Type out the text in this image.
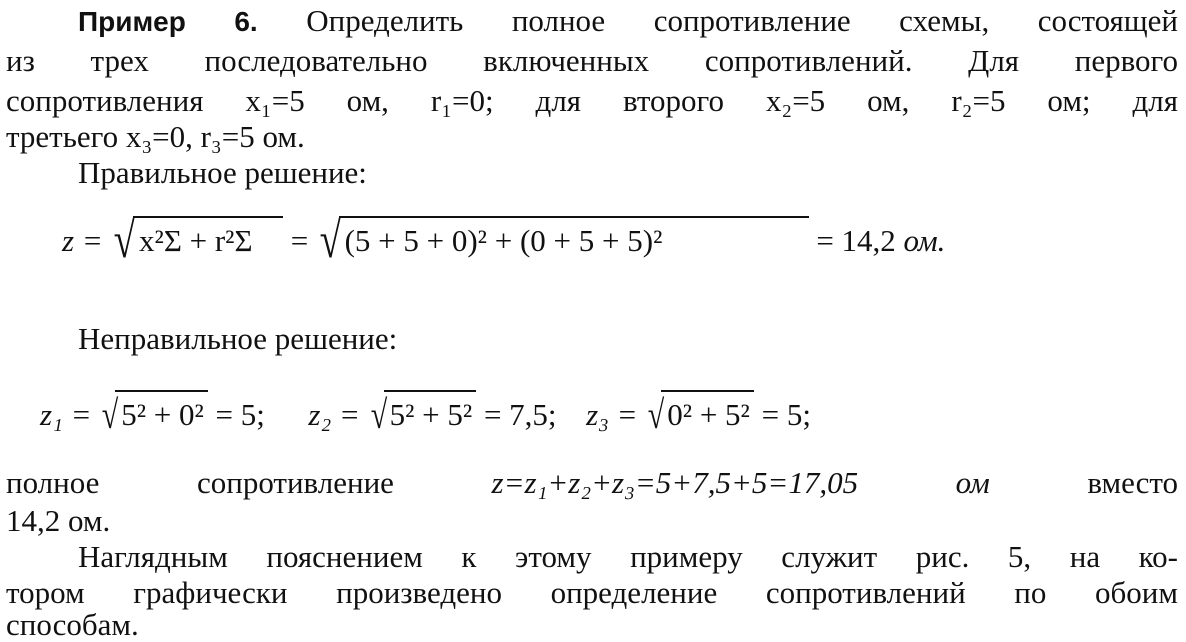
Пример 6. Определить полное сопротивление схемы, состоящей
из трех последовательно включенных сопротивлений. Для первого
сопротивления x₁=5 ом, r₁=0; для второго x₂=5 ом, r₂=5 ом; для
третьего x₃=0, r₃=5 ом.
Правильное решение:
z = √ x²Σ + r²Σ = √ (5 + 5 + 0)² + (0 + 5 + 5)²	= 14,2 ом.
Неправильное решение:
z₁ = √5² + 0² = 5; z₂ = √5² + 5² = 7,5; z₃ = √0² + 5² = 5;
полное сопротивление	z=z₁+z₂+z₃=5+7,5+5=17,05	ом	вместо
14,2 ом.
Наглядным пояснением к этому примеру служит рис. 5, на ко-
тором графически произведено определение сопротивлений по обоим
способам.
